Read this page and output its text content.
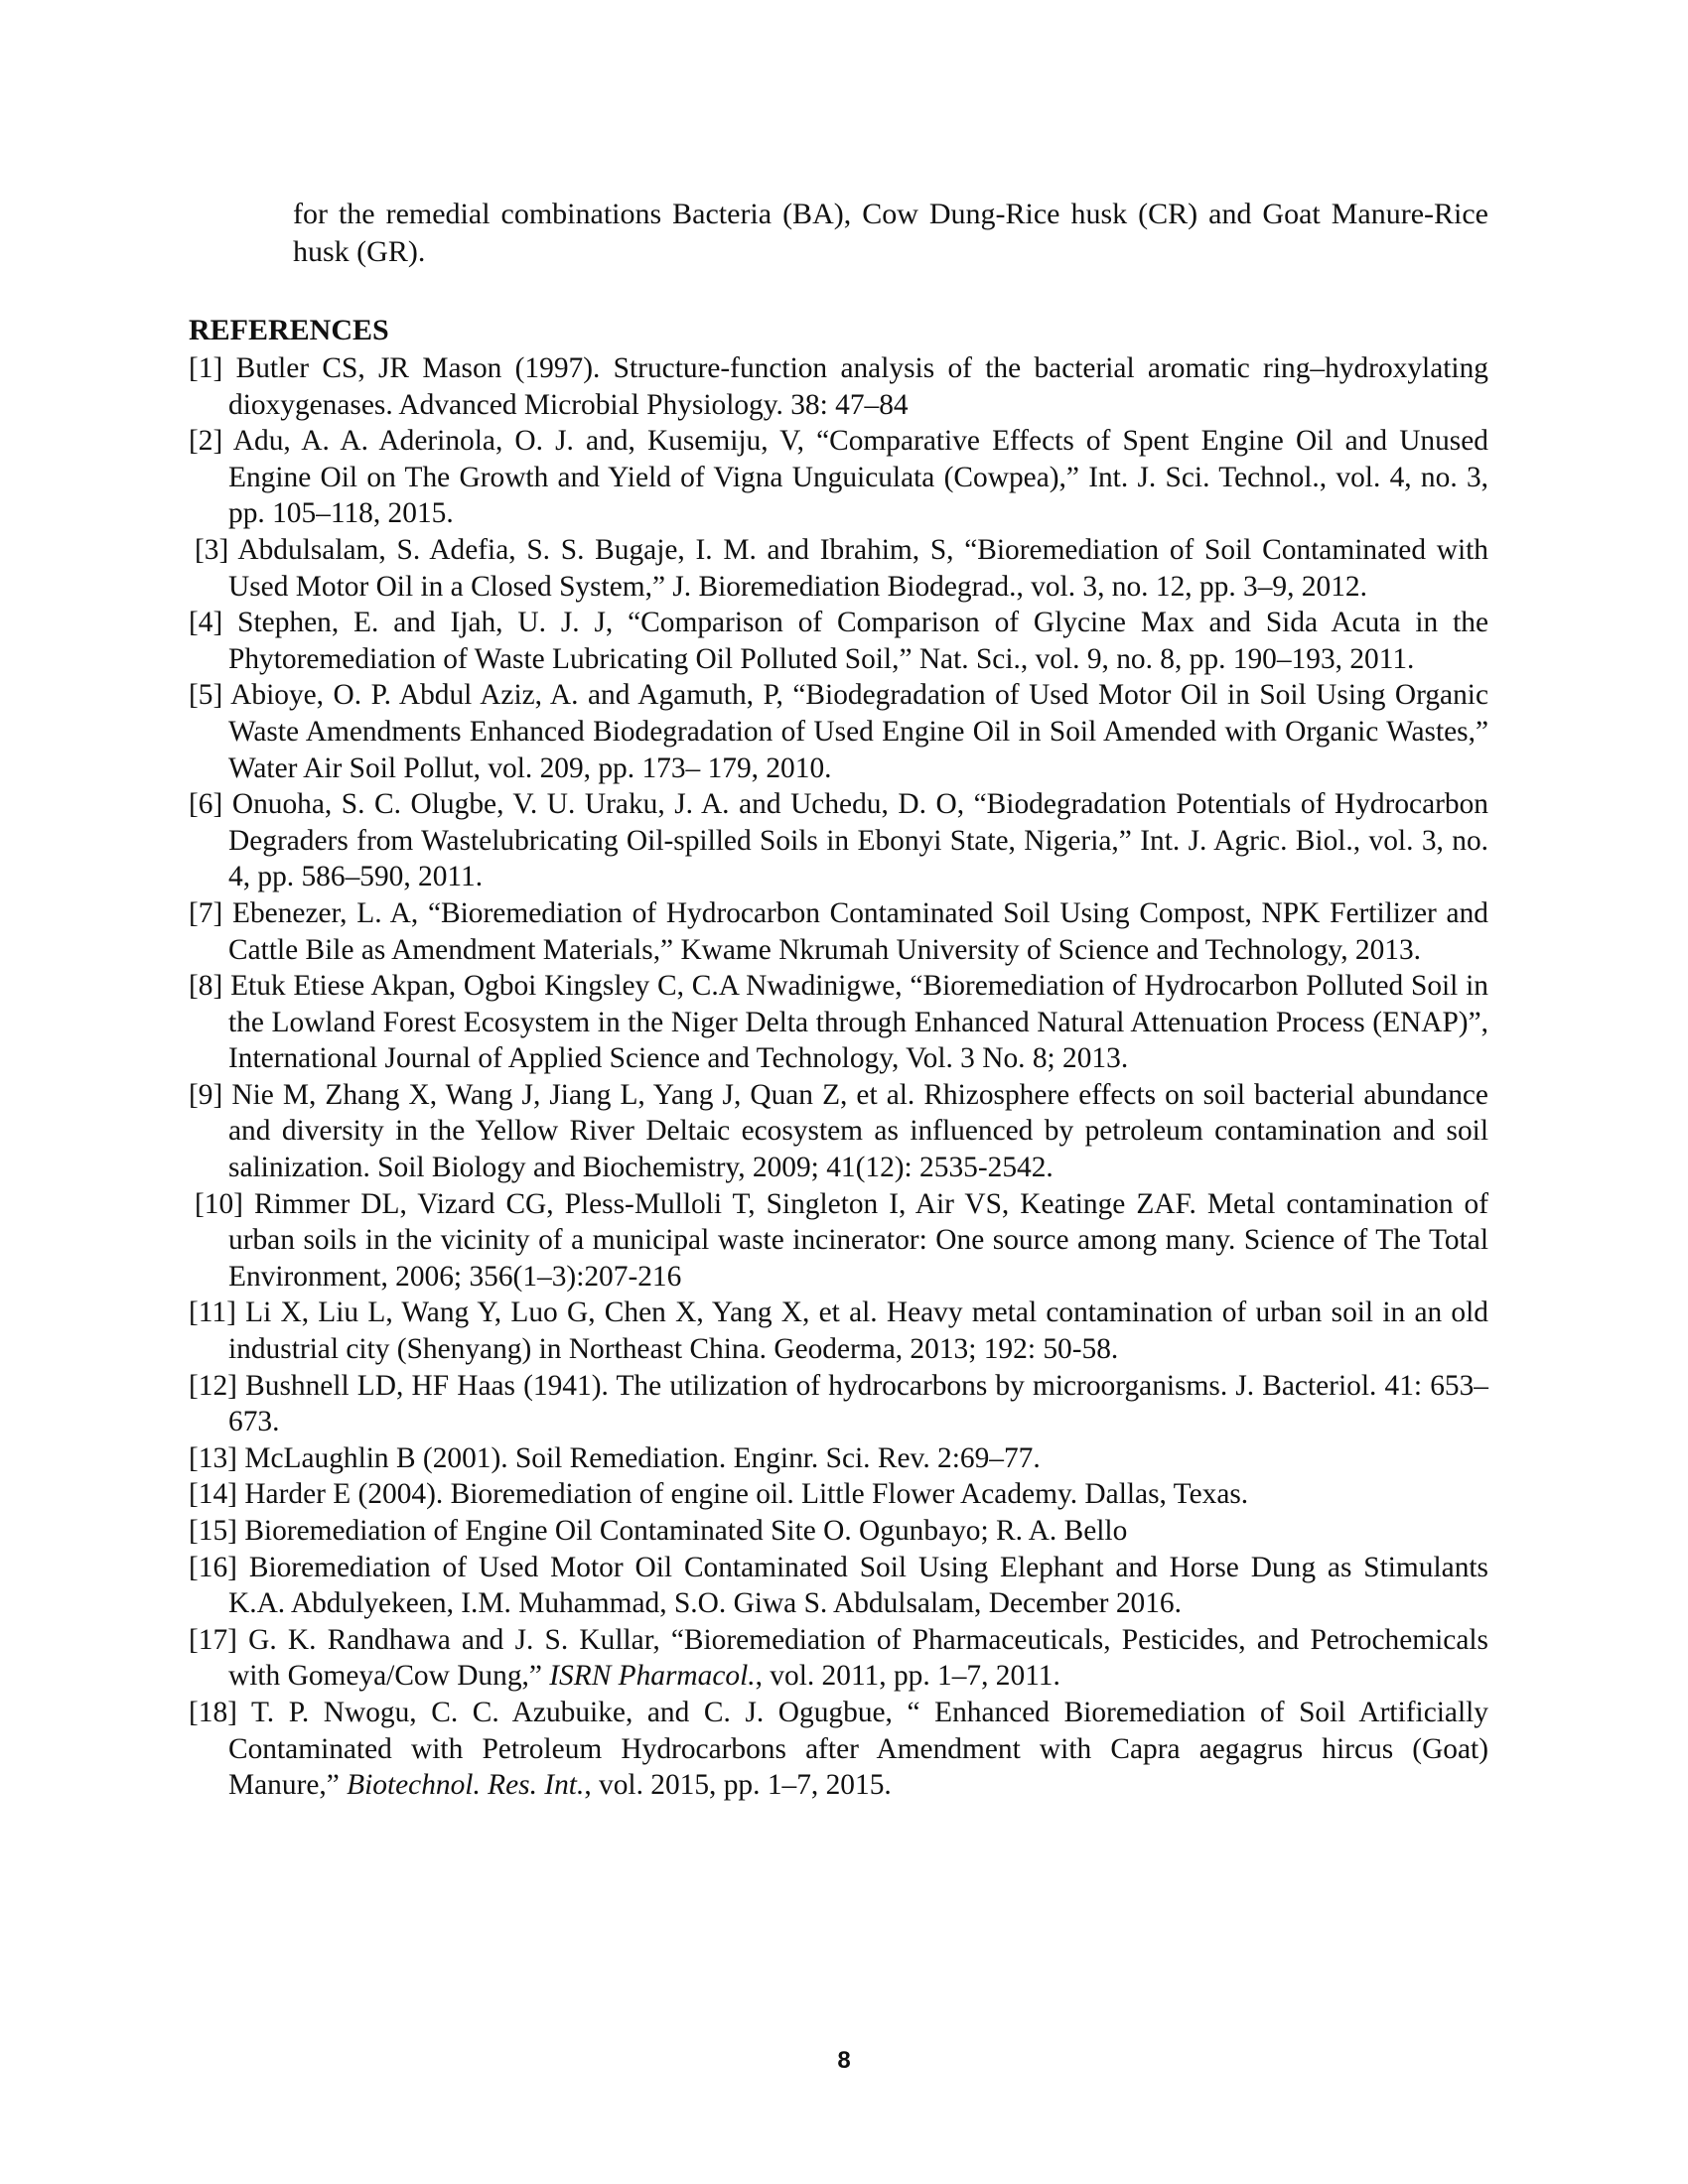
for the remedial combinations Bacteria (BA), Cow Dung-Rice husk (CR) and Goat Manure-Rice husk (GR).

REFERENCES
[1] Butler CS, JR Mason (1997). Structure-function analysis of the bacterial aromatic ring–hydroxylating dioxygenases. Advanced Microbial Physiology. 38: 47–84
[2] Adu, A. A. Aderinola, O. J. and, Kusemiju, V, “Comparative Effects of Spent Engine Oil and Unused Engine Oil on The Growth and Yield of Vigna Unguiculata (Cowpea),” Int. J. Sci. Technol., vol. 4, no. 3, pp. 105–118, 2015.
[3] Abdulsalam, S. Adefia, S. S. Bugaje, I. M. and Ibrahim, S, “Bioremediation of Soil Contaminated with Used Motor Oil in a Closed System,” J. Bioremediation Biodegrad., vol. 3, no. 12, pp. 3–9, 2012.
[4] Stephen, E. and Ijah, U. J. J, “Comparison of Comparison of Glycine Max and Sida Acuta in the Phytoremediation of Waste Lubricating Oil Polluted Soil,” Nat. Sci., vol. 9, no. 8, pp. 190–193, 2011.
[5] Abioye, O. P. Abdul Aziz, A. and Agamuth, P, “Biodegradation of Used Motor Oil in Soil Using Organic Waste Amendments Enhanced Biodegradation of Used Engine Oil in Soil Amended with Organic Wastes,” Water Air Soil Pollut, vol. 209, pp. 173– 179, 2010.
[6] Onuoha, S. C. Olugbe, V. U. Uraku, J. A. and Uchedu, D. O, “Biodegradation Potentials of Hydrocarbon Degraders from Wastelubricating Oil-spilled Soils in Ebonyi State, Nigeria,” Int. J. Agric. Biol., vol. 3, no. 4, pp. 586–590, 2011.
[7] Ebenezer, L. A, “Bioremediation of Hydrocarbon Contaminated Soil Using Compost, NPK Fertilizer and Cattle Bile as Amendment Materials,” Kwame Nkrumah University of Science and Technology, 2013.
[8] Etuk Etiese Akpan, Ogboi Kingsley C, C.A Nwadinigwe, “Bioremediation of Hydrocarbon Polluted Soil in the Lowland Forest Ecosystem in the Niger Delta through Enhanced Natural Attenuation Process (ENAP)”, International Journal of Applied Science and Technology, Vol. 3 No. 8; 2013.
[9] Nie M, Zhang X, Wang J, Jiang L, Yang J, Quan Z, et al. Rhizosphere effects on soil bacterial abundance and diversity in the Yellow River Deltaic ecosystem as influenced by petroleum contamination and soil salinization. Soil Biology and Biochemistry, 2009; 41(12): 2535-2542.
[10] Rimmer DL, Vizard CG, Pless-Mulloli T, Singleton I, Air VS, Keatinge ZAF. Metal contamination of urban soils in the vicinity of a municipal waste incinerator: One source among many. Science of The Total Environment, 2006; 356(1–3):207-216
[11] Li X, Liu L, Wang Y, Luo G, Chen X, Yang X, et al. Heavy metal contamination of urban soil in an old industrial city (Shenyang) in Northeast China. Geoderma, 2013; 192: 50-58.
[12] Bushnell LD, HF Haas (1941). The utilization of hydrocarbons by microorganisms. J. Bacteriol. 41: 653–673.
[13] McLaughlin B (2001). Soil Remediation. Enginr. Sci. Rev. 2:69–77.
[14] Harder E (2004). Bioremediation of engine oil. Little Flower Academy. Dallas, Texas.
[15] Bioremediation of Engine Oil Contaminated Site O. Ogunbayo; R. A. Bello
[16] Bioremediation of Used Motor Oil Contaminated Soil Using Elephant and Horse Dung as Stimulants K.A. Abdulyekeen, I.M. Muhammad, S.O. Giwa S. Abdulsalam, December 2016.
[17] G. K. Randhawa and J. S. Kullar, “Bioremediation of Pharmaceuticals, Pesticides, and Petrochemicals with Gomeya/Cow Dung,” ISRN Pharmacol., vol. 2011, pp. 1–7, 2011.
[18] T. P. Nwogu, C. C. Azubuike, and C. J. Ogugbue, “ Enhanced Bioremediation of Soil Artificially Contaminated with Petroleum Hydrocarbons after Amendment with Capra aegagrus hircus (Goat) Manure,” Biotechnol. Res. Int., vol. 2015, pp. 1–7, 2015.
8
